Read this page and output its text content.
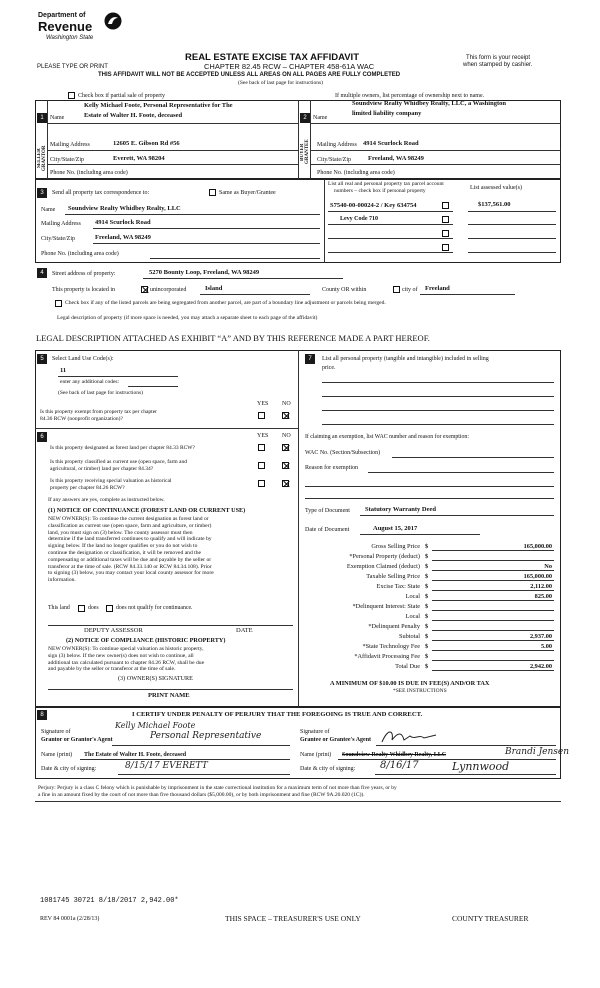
Department of
Revenue
Washington State
PLEASE TYPE OR PRINT
REAL ESTATE EXCISE TAX AFFIDAVIT
CHAPTER 82.45 RCW – CHAPTER 458-61A WAC
THIS AFFIDAVIT WILL NOT BE ACCEPTED UNLESS ALL AREAS ON ALL PAGES ARE FULLY COMPLETED
(See back of last page for instructions)
This form is your receipt
when stamped by cashier.
Check box if partial sale of property	If multiple owners, list percentage of ownership next to name.
1
SELLER GRANTOR
Name
Kelly Michael Foote, Personal Representative for The
Estate of Walter H. Foote, deceased
Mailing Address	12605 E. Gibson Rd #56
City/State/Zip	Everett, WA 98204
Phone No. (including area code)
2
BUYER GRANTEE
Name
Soundview Realty Whidbey Realty, LLC, a Washington
limited liability company
Mailing Address 4914 Scurlock Road
City/State/Zip	Freeland, WA 98249
Phone No. (including area code)
3	Send all property tax correspondence to:	Same as Buyer/Grantee
Name Soundview Realty Whidbey Realty, LLC
Mailing Address 4914 Scurlock Road
City/State/Zip	Freeland, WA 98249
Phone No. (including area code)
List all real and personal property tax parcel account
numbers – check box if personal property	List assessed value(s)
S7540-00-00024-2 / Key 634754	$137,561.00
Levy Code 710
4	Street address of property:	5270 Bounty Loop, Freeland, WA 98249
This property is located in	unincorporated	Island	County OR within	city of Freeland
Check box if any of the listed parcels are being segregated from another parcel, are part of a boundary line adjustment or parcels being merged.
Legal description of property (if more space is needed, you may attach a separate sheet to each page of the affidavit)
LEGAL DESCRIPTION ATTACHED AS EXHIBIT “A” AND BY THIS REFERENCE MADE A PART HEREOF.
5	Select Land Use Code(s):
11
enter any additional codes:
(See back of last page for instructions)
YES NO
Is this property exempt from property tax per chapter
84.36 RCW (nonprofit organization)?
6	YES NO
Is this property designated as forest land per chapter 84.33 RCW?
Is this property classified as current use (open space, farm and
agricultural, or timber) land per chapter 84.34?
Is this property receiving special valuation as historical
property per chapter 84.26 RCW?
If any answers are yes, complete as instructed below.
(1) NOTICE OF CONTINUANCE (FOREST LAND OR CURRENT USE)
NEW OWNER(S): To continue the current designation as forest land or
classification as current use (open space, farm and agriculture, or timber)
land, you must sign on (3) below. The county assessor must then
determine if the land transferred continues to qualify and will indicate by
signing below. If the land no longer qualifies or you do not wish to
continue the designation or classification, it will be removed and the
compensating or additional taxes will be due and payable by the seller or
transferor at the time of sale. (RCW 84.33.140 or RCW 84.34.108). Prior
to signing (3) below, you may contact your local county assessor for more
information.
This land	does	does not qualify for continuance.
DEPUTY ASSESSOR	DATE
(2) NOTICE OF COMPLIANCE (HISTORIC PROPERTY)
NEW OWNER(S): To continue special valuation as historic property,
sign (3) below. If the new owner(s) does not wish to continue, all
additional tax calculated pursuant to chapter 84.26 RCW, shall be due
and payable by the seller or transferor at the time of sale.
(3) OWNER(S) SIGNATURE
PRINT NAME
7	List all personal property (tangible and intangible) included in selling
price.
If claiming an exemption, list WAC number and reason for exemption:
WAC No. (Section/Subsection)
Reason for exemption
Type of Document Statutory Warranty Deed
Date of Document	August 15, 2017
Gross Selling Price $	165,000.00
*Personal Property (deduct) $
Exemption Claimed (deduct) $	No
Taxable Selling Price $	165,000.00
Excise Tax: State $	2,112.00
Local $	825.00
*Delinquent Interest: State $
Local $
*Delinquent Penalty $
Subtotal $	2,937.00
*State Technology Fee $	5.00
*Affidavit Processing Fee $
Total Due $	2,942.00
A MINIMUM OF $10.00 IS DUE IN FEE(S) AND/OR TAX
*SEE INSTRUCTIONS
8	I CERTIFY UNDER PENALTY OF PERJURY THAT THE FOREGOING IS TRUE AND CORRECT.
Signature of
Grantor or Grantor's Agent
Kelly Michael Foote
Personal Representative
Name (print) The Estate of Walter H. Foote, deceased
Date & city of signing:	8/15/17 EVERETT
Signature of
Grantee or Grantee's Agent
Name (print) Soundview Realty Whidbey Realty, LLC	Brandi Jensen
Date & city of signing: 8/16/17	Lynnwood
Perjury: Perjury is a class C felony which is punishable by imprisonment in the state correctional institution for a maximum term of not more than five years, or by
a fine in an amount fixed by the court of not more than five thousand dollars ($5,000.00), or by both imprisonment and fine (RCW 9A.20.020 (1C)).
1081745 30721 8/18/2017 2,942.00*
REV 84 0001a (2/28/13)	THIS SPACE – TREASURER'S USE ONLY	COUNTY TREASURER
